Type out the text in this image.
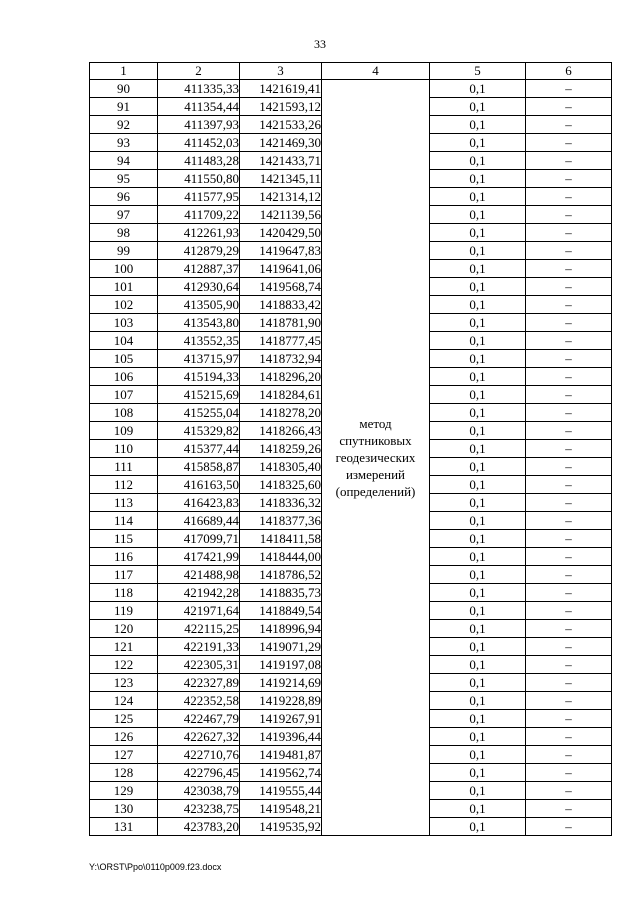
33
1	2	3	4	5	6
90	411335,33	1421619,41	метод
спутниковых
геодезических
измерений
(определений)	0,1	–
91	411354,44	1421593,12		0,1	–
92	411397,93	1421533,26		0,1	–
93	411452,03	1421469,30		0,1	–
94	411483,28	1421433,71		0,1	–
95	411550,80	1421345,11		0,1	–
96	411577,95	1421314,12		0,1	–
97	411709,22	1421139,56		0,1	–
98	412261,93	1420429,50		0,1	–
99	412879,29	1419647,83		0,1	–
100	412887,37	1419641,06		0,1	–
101	412930,64	1419568,74		0,1	–
102	413505,90	1418833,42		0,1	–
103	413543,80	1418781,90		0,1	–
104	413552,35	1418777,45		0,1	–
105	413715,97	1418732,94		0,1	–
106	415194,33	1418296,20		0,1	–
107	415215,69	1418284,61		0,1	–
108	415255,04	1418278,20		0,1	–
109	415329,82	1418266,43		0,1	–
110	415377,44	1418259,26		0,1	–
111	415858,87	1418305,40		0,1	–
112	416163,50	1418325,60		0,1	–
113	416423,83	1418336,32		0,1	–
114	416689,44	1418377,36		0,1	–
115	417099,71	1418411,58		0,1	–
116	417421,99	1418444,00		0,1	–
117	421488,98	1418786,52		0,1	–
118	421942,28	1418835,73		0,1	–
119	421971,64	1418849,54		0,1	–
120	422115,25	1418996,94		0,1	–
121	422191,33	1419071,29		0,1	–
122	422305,31	1419197,08		0,1	–
123	422327,89	1419214,69		0,1	–
124	422352,58	1419228,89		0,1	–
125	422467,79	1419267,91		0,1	–
126	422627,32	1419396,44		0,1	–
127	422710,76	1419481,87		0,1	–
128	422796,45	1419562,74		0,1	–
129	423038,79	1419555,44		0,1	–
130	423238,75	1419548,21		0,1	–
131	423783,20	1419535,92		0,1	–
Y:\ORST\Ppo\0110p009.f23.docx
